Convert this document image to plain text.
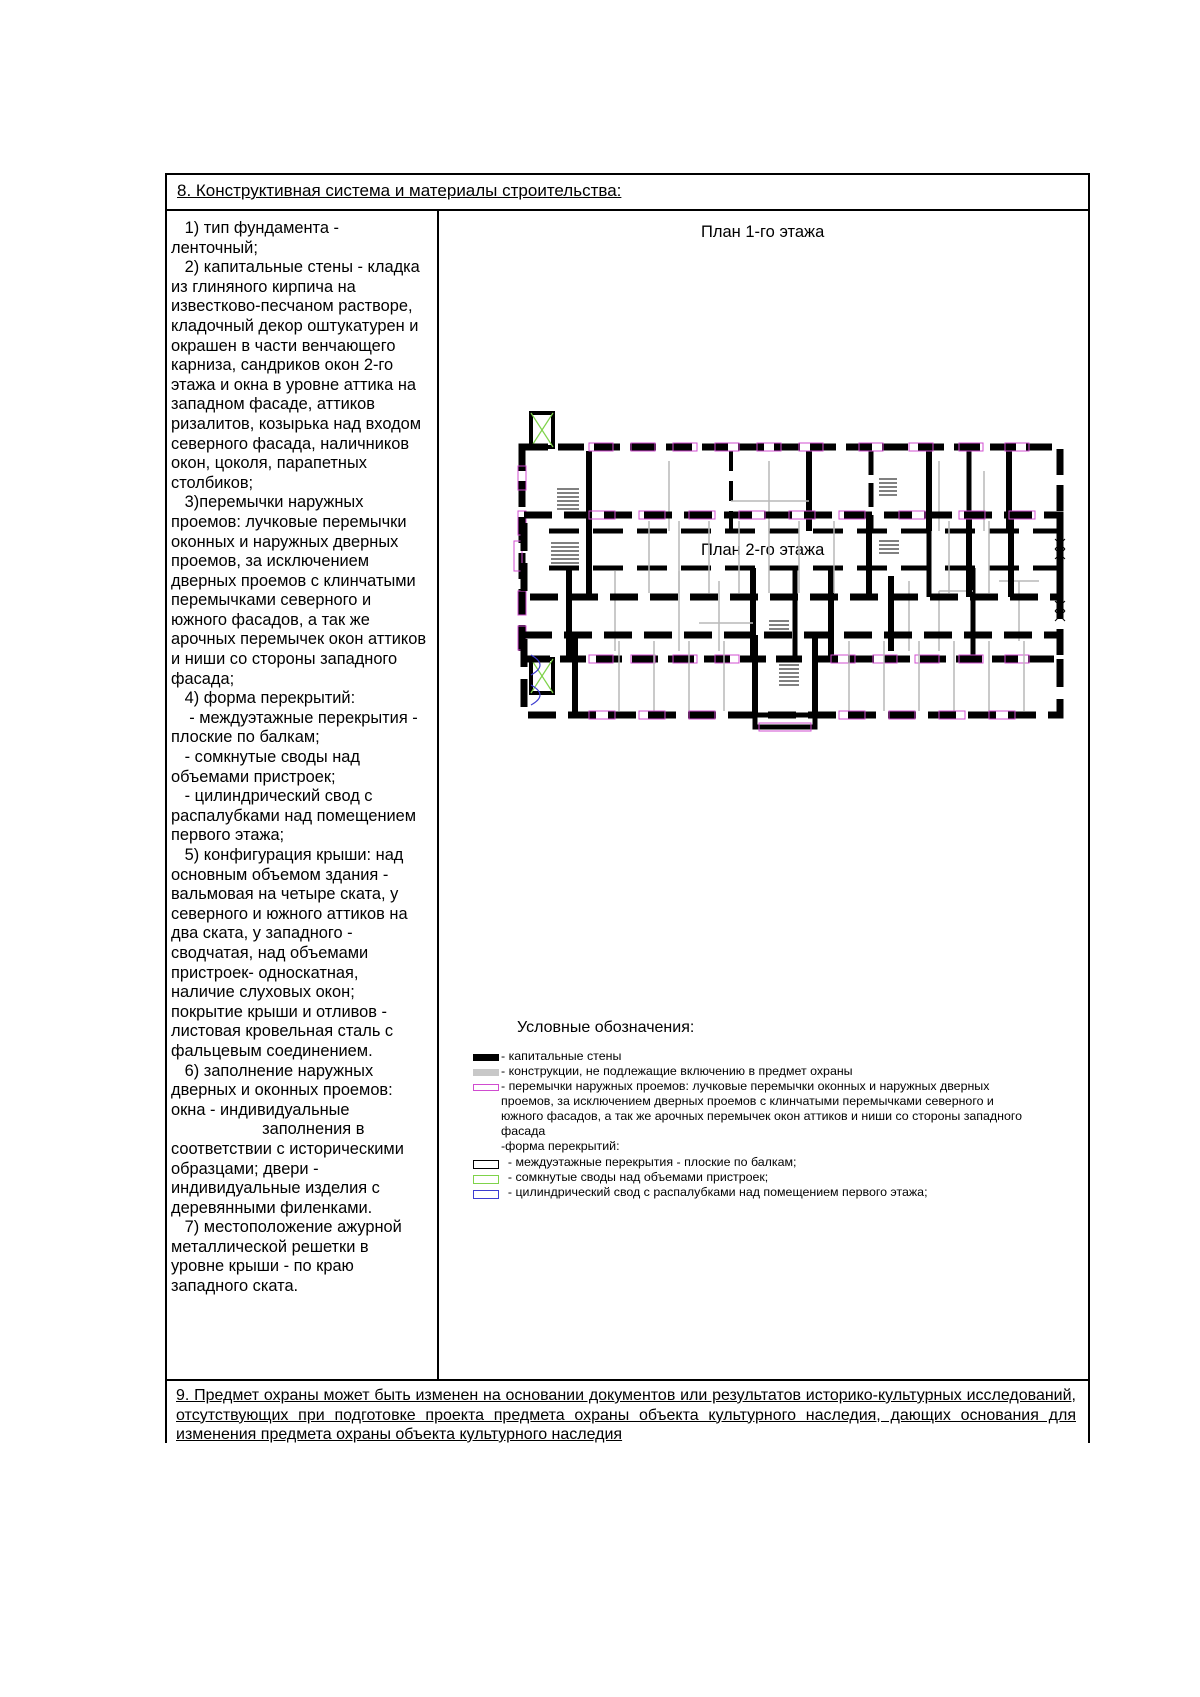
8. Конструктивная система и материалы строительства:
1) тип фундамента -
ленточный;
2) капитальные стены - кладка
из глиняного кирпича на
известково-песчаном растворе,
кладочный декор оштукатурен и
окрашен в части венчающего
карниза, сандриков окон 2-го
этажа и окна в уровне аттика на
западном фасаде, аттиков
ризалитов, козырька над входом
северного фасада, наличников
окон, цоколя, парапетных
столбиков;
3)перемычки наружных
проемов: лучковые перемычки
оконных и наружных дверных
проемов, за исключением
дверных проемов с клинчатыми
перемычками северного и
южного фасадов, а так же
арочных перемычек окон аттиков
и ниши со стороны западного
фасада;
4) форма перекрытий:
- междуэтажные перекрытия -
плоские по балкам;
- сомкнутые своды над
объемами пристроек;
- цилиндрический свод с
распалубками над помещением
первого этажа;
5) конфигурация крыши: над
основным объемом здания -
вальмовая на четыре ската, у
северного и южного аттиков на
два ската, у западного -
сводчатая, над объемами
пристроек- односкатная,
наличие слуховых окон;
покрытие крыши и отливов -
листовая кровельная сталь с
фальцевым соединением.
6) заполнение наружных
дверных и оконных проемов:
окна - индивидуальные
заполнения в
соответствии с историческими
образцами; двери -
индивидуальные изделия с
деревянными филенками.
7) местоположение ажурной
металлической решетки в
уровне крыши - по краю
западного ската.
План 1-го этажа
План 2-го этажа
Условные обозначения:
- капитальные стены
- конструкции, не подлежащие включению в предмет охраны
- перемычки наружных проемов: лучковые перемычки оконных и наружных дверных
проемов, за исключением дверных проемов с клинчатыми перемычками северного и
южного фасадов, а так же арочных перемычек окон аттиков и ниши со стороны западного
фасада
-форма перекрытий:
- междуэтажные перекрытия - плоские по балкам;
- сомкнутые своды над объемами пристроек;
- цилиндрический свод с распалубками над помещением первого этажа;
9. Предмет охраны может быть изменен на основании документов или результатов историко-культурных исследований, отсутствующих при подготовке проекта предмета охраны объекта культурного наследия, дающих основания для изменения предмета охраны объекта культурного наследия
